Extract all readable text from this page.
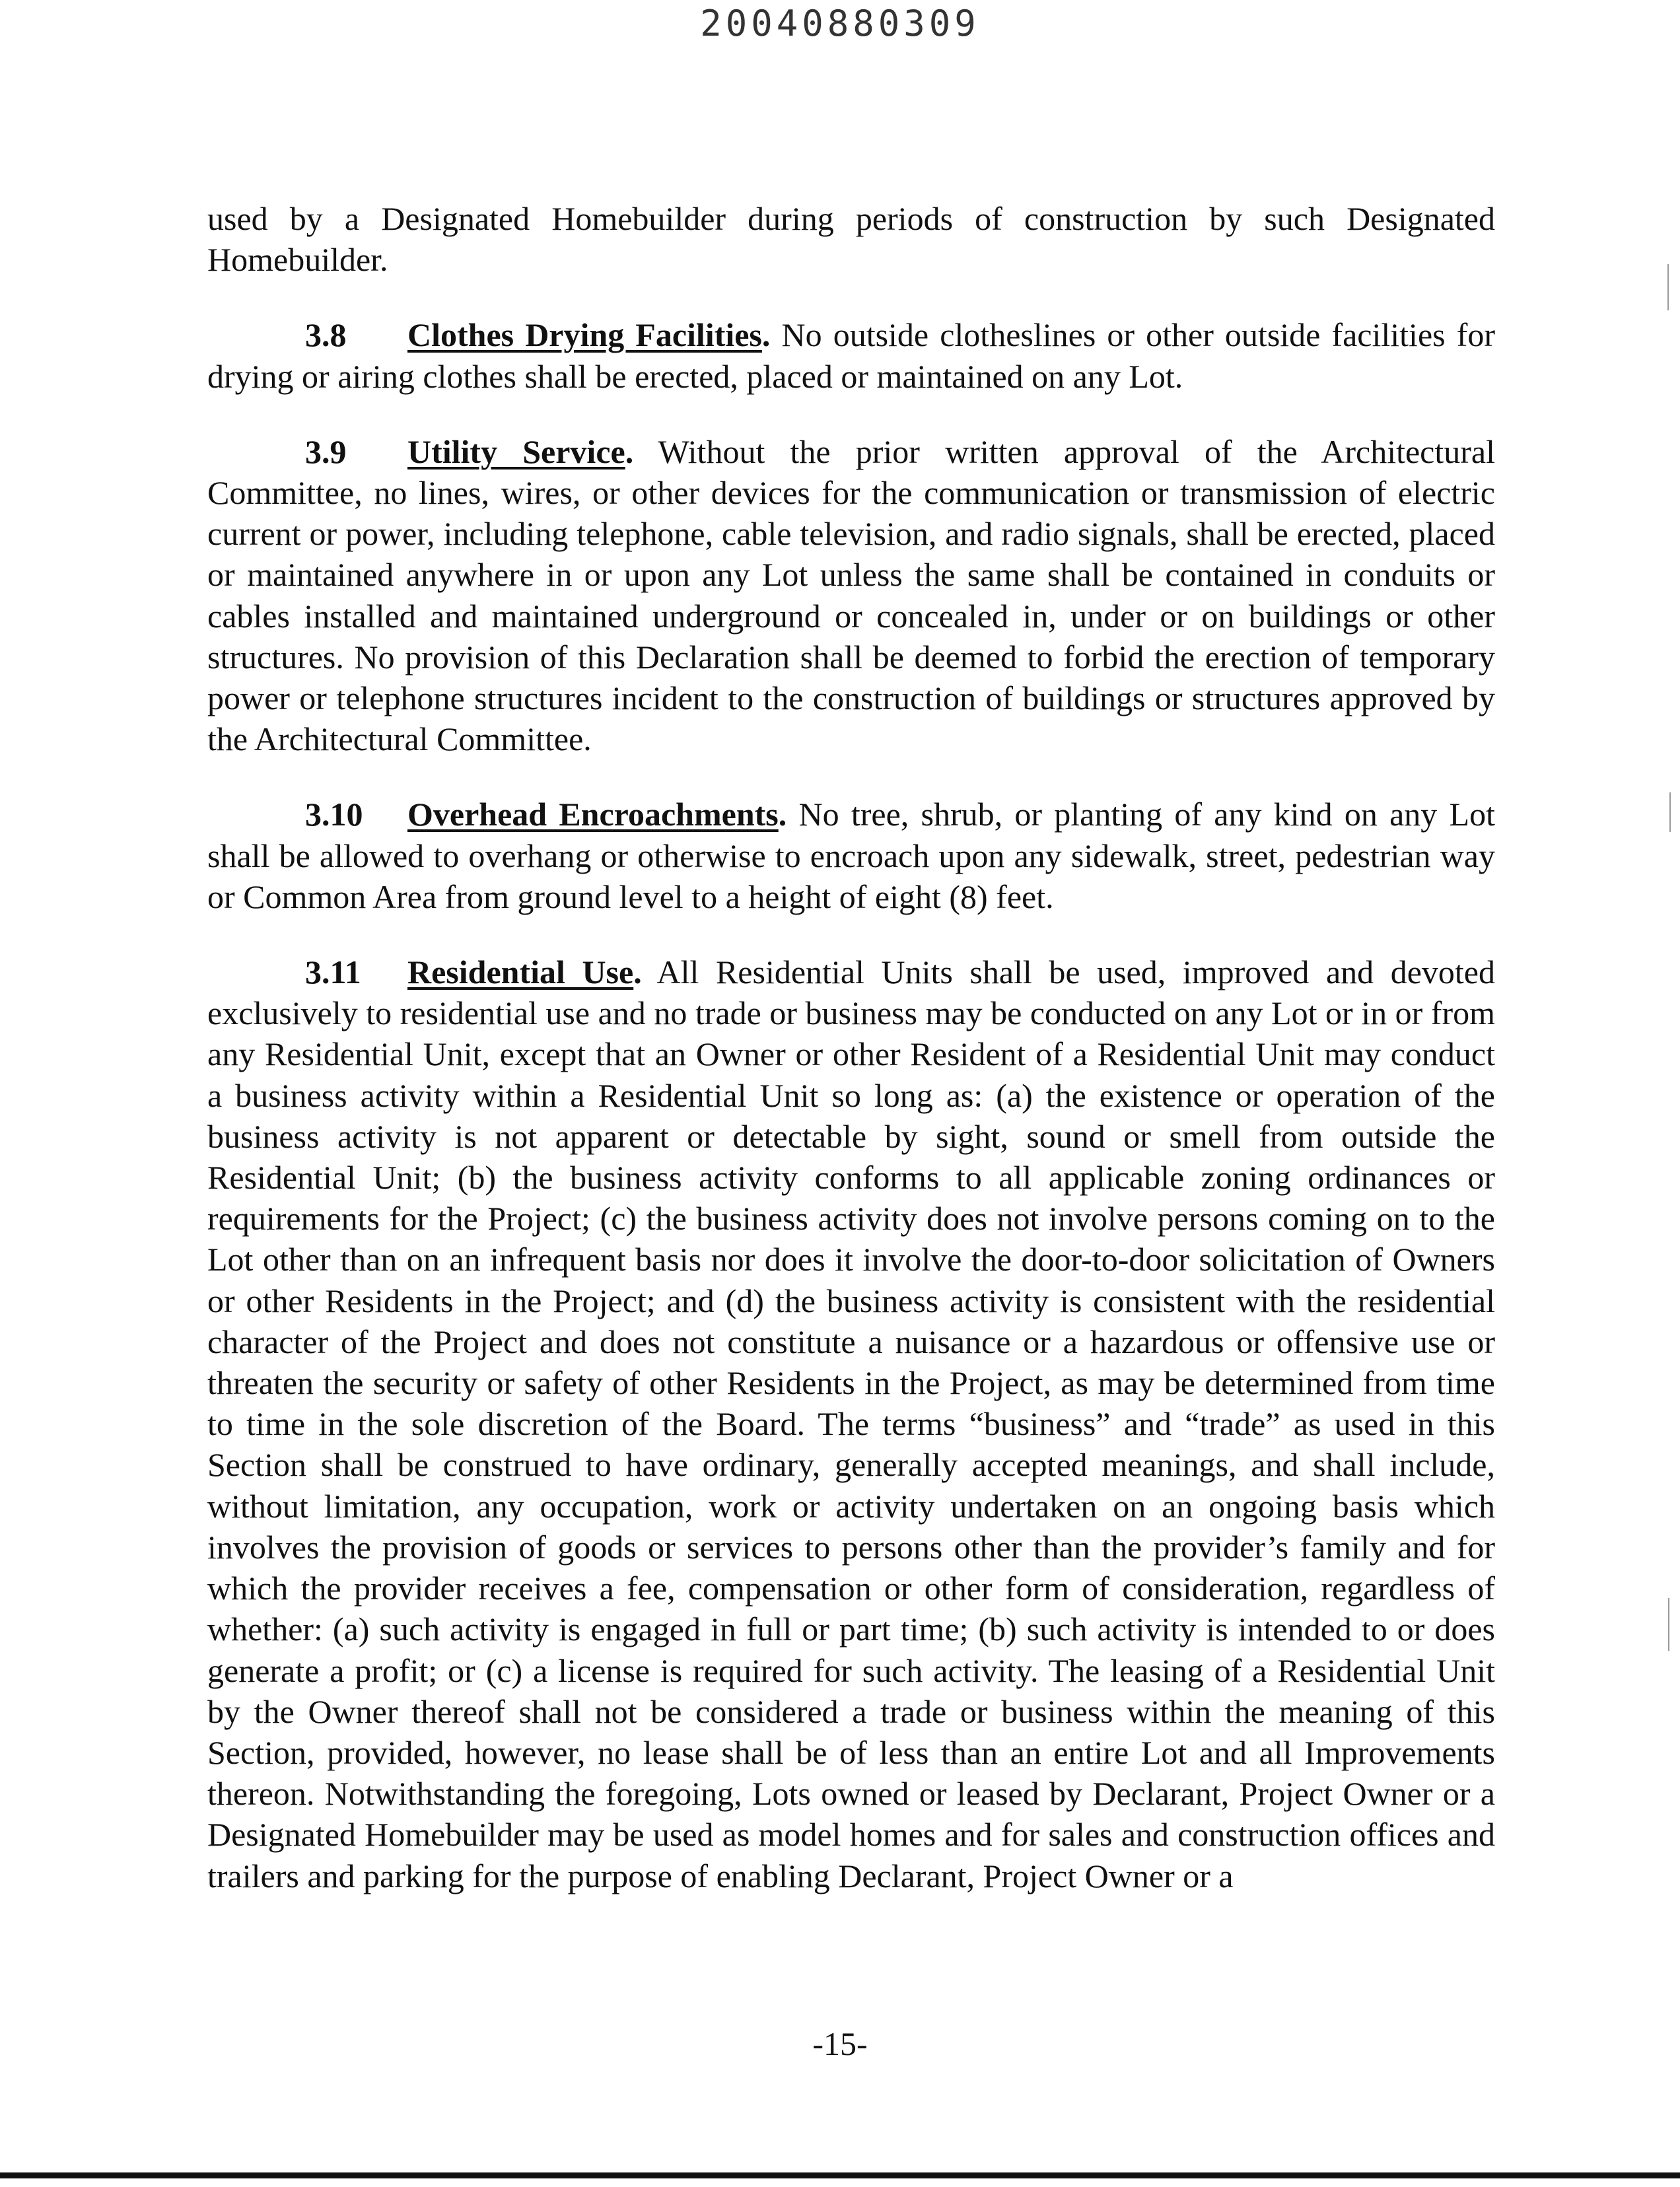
20040880309

used by a Designated Homebuilder during periods of construction by such Designated Homebuilder.

3.8 Clothes Drying Facilities. No outside clotheslines or other outside facilities for drying or airing clothes shall be erected, placed or maintained on any Lot.

3.9 Utility Service. Without the prior written approval of the Architectural Committee, no lines, wires, or other devices for the communication or transmission of electric current or power, including telephone, cable television, and radio signals, shall be erected, placed or maintained anywhere in or upon any Lot unless the same shall be contained in conduits or cables installed and maintained underground or concealed in, under or on buildings or other structures. No provision of this Declaration shall be deemed to forbid the erection of temporary power or telephone structures incident to the construction of buildings or structures approved by the Architectural Committee.

3.10 Overhead Encroachments. No tree, shrub, or planting of any kind on any Lot shall be allowed to overhang or otherwise to encroach upon any sidewalk, street, pedestrian way or Common Area from ground level to a height of eight (8) feet.

3.11 Residential Use. All Residential Units shall be used, improved and devoted exclusively to residential use and no trade or business may be conducted on any Lot or in or from any Residential Unit, except that an Owner or other Resident of a Residential Unit may conduct a business activity within a Residential Unit so long as: (a) the existence or operation of the business activity is not apparent or detectable by sight, sound or smell from outside the Residential Unit; (b) the business activity conforms to all applicable zoning ordinances or requirements for the Project; (c) the business activity does not involve persons coming on to the Lot other than on an infrequent basis nor does it involve the door-to-door solicitation of Owners or other Residents in the Project; and (d) the business activity is consistent with the residential character of the Project and does not constitute a nuisance or a hazardous or offensive use or threaten the security or safety of other Residents in the Project, as may be determined from time to time in the sole discretion of the Board. The terms “business” and “trade” as used in this Section shall be construed to have ordinary, generally accepted meanings, and shall include, without limitation, any occupation, work or activity undertaken on an ongoing basis which involves the provision of goods or services to persons other than the provider’s family and for which the provider receives a fee, compensation or other form of consideration, regardless of whether: (a) such activity is engaged in full or part time; (b) such activity is intended to or does generate a profit; or (c) a license is required for such activity. The leasing of a Residential Unit by the Owner thereof shall not be considered a trade or business within the meaning of this Section, provided, however, no lease shall be of less than an entire Lot and all Improvements thereon. Notwithstanding the foregoing, Lots owned or leased by Declarant, Project Owner or a Designated Homebuilder may be used as model homes and for sales and construction offices and trailers and parking for the purpose of enabling Declarant, Project Owner or a

-15-
